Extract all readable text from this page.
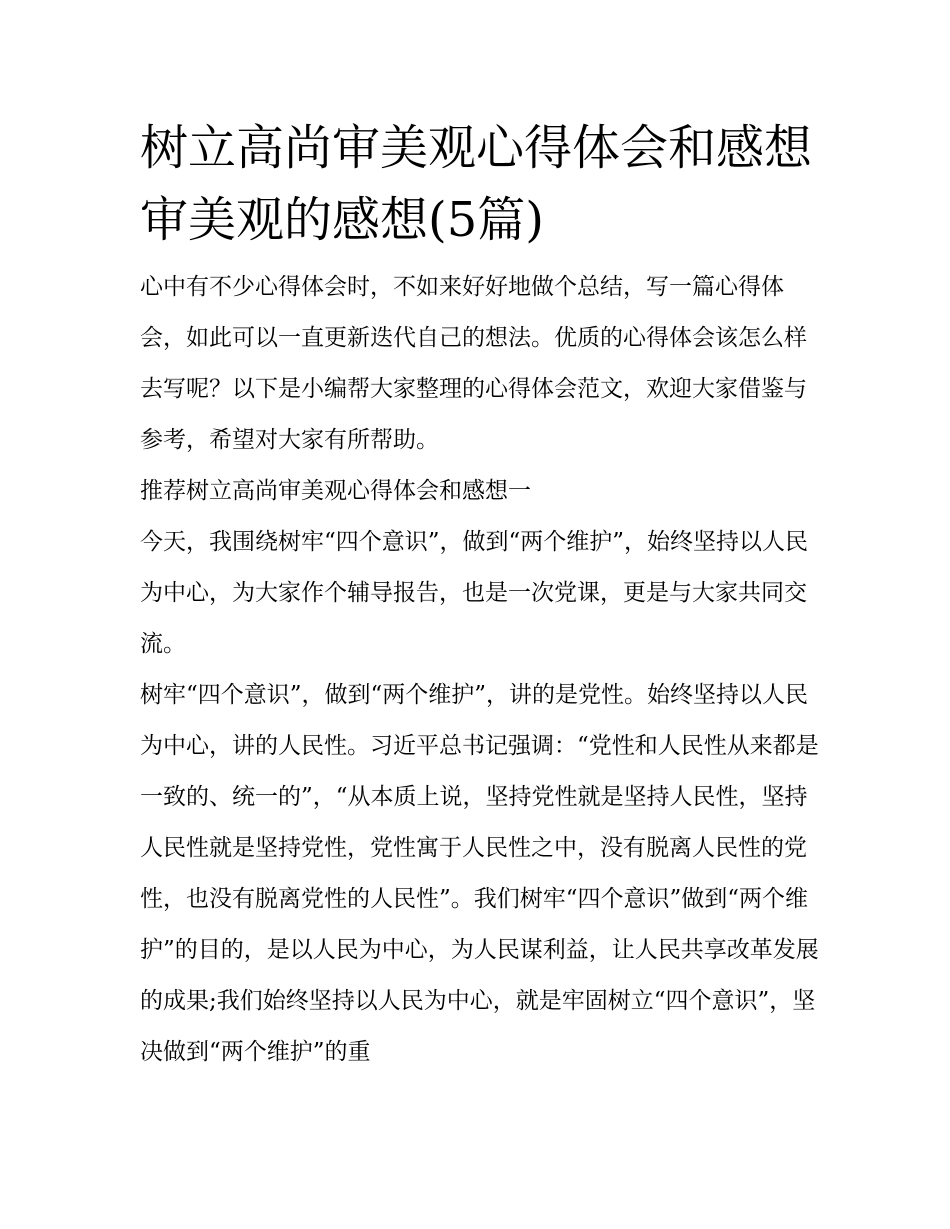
树立高尚审美观心得体会和感想 审美观的感想(5篇)

心中有不少心得体会时，不如来好好地做个总结，写一篇心得体会，如此可以一直更新迭代自己的想法。优质的心得体会该怎么样去写呢？以下是小编帮大家整理的心得体会范文，欢迎大家借鉴与参考，希望对大家有所帮助。

推荐树立高尚审美观心得体会和感想一

今天，我围绕树牢“四个意识”，做到“两个维护”，始终坚持以人民为中心，为大家作个辅导报告，也是一次党课，更是与大家共同交流。

树牢“四个意识”，做到“两个维护”，讲的是党性。始终坚持以人民为中心，讲的人民性。习近平总书记强调：“党性和人民性从来都是一致的、统一的”，“从本质上说，坚持党性就是坚持人民性，坚持人民性就是坚持党性，党性寓于人民性之中，没有脱离人民性的党性，也没有脱离党性的人民性”。我们树牢“四个意识”做到“两个维护”的目的，是以人民为中心，为人民谋利益，让人民共享改革发展的成果;我们始终坚持以人民为中心，就是牢固树立“四个意识”，坚决做到“两个维护”的重
